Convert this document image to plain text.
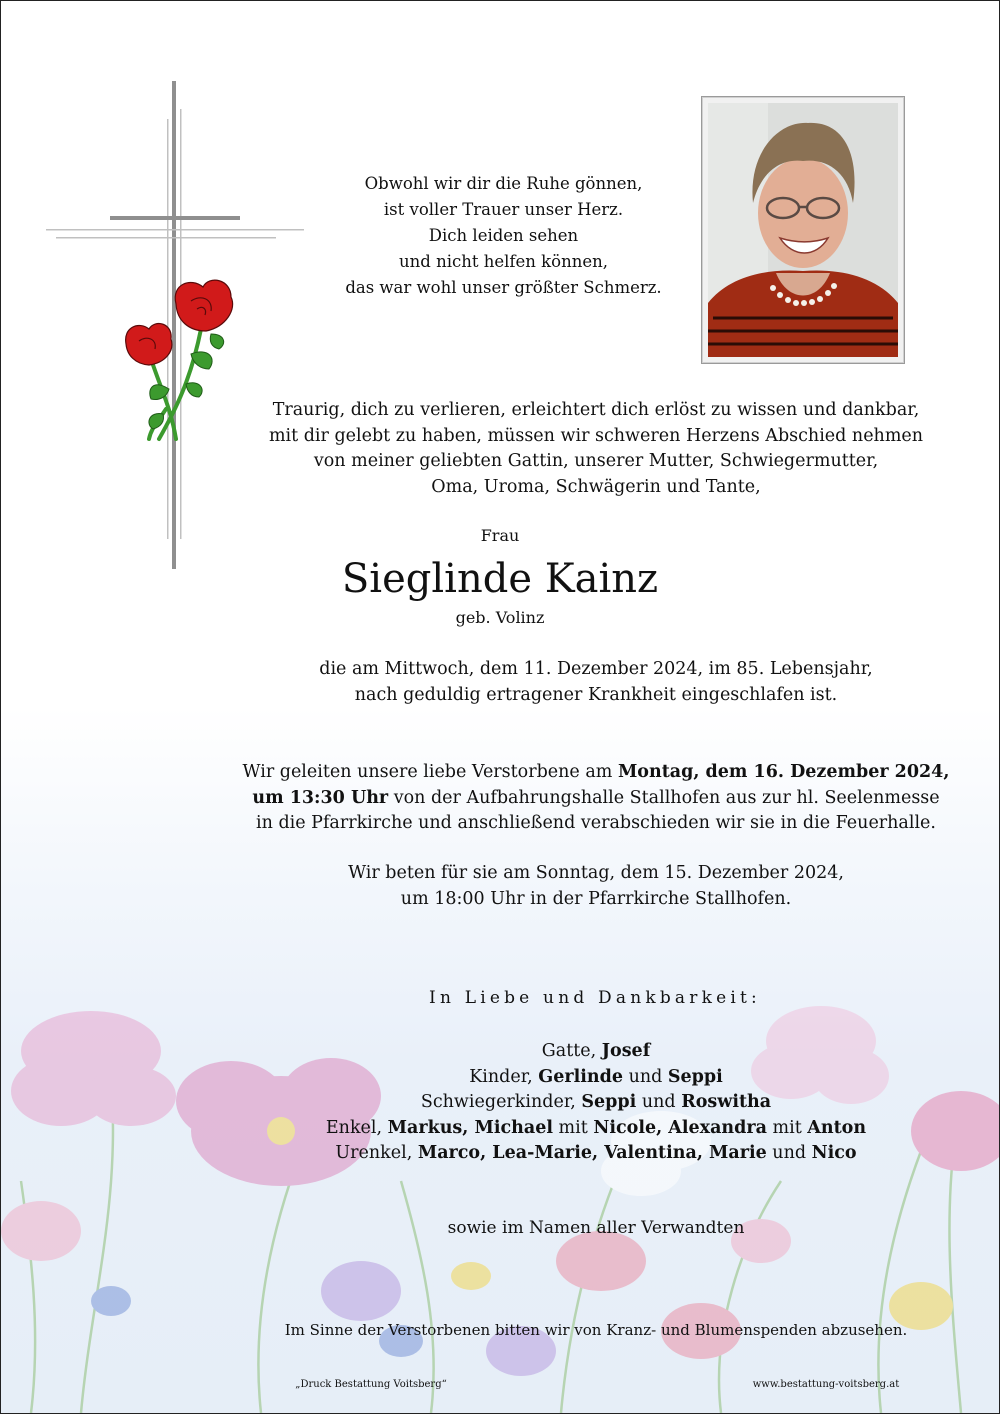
Obwohl wir dir die Ruhe gönnen,
ist voller Trauer unser Herz.
Dich leiden sehen
und nicht helfen können,
das war wohl unser größter Schmerz.
Traurig, dich zu verlieren, erleichtert dich erlöst zu wissen und dankbar,
mit dir gelebt zu haben, müssen wir schweren Herzens Abschied nehmen
von meiner geliebten Gattin, unserer Mutter, Schwiegermutter,
Oma, Uroma, Schwägerin und Tante,
Frau
Sieglinde Kainz
geb. Volinz
die am Mittwoch, dem 11. Dezember 2024, im 85. Lebensjahr,
nach geduldig ertragener Krankheit eingeschlafen ist.
Wir geleiten unsere liebe Verstorbene am Montag, dem 16. Dezember 2024,
um 13:30 Uhr von der Aufbahrungshalle Stallhofen aus zur hl. Seelenmesse
in die Pfarrkirche und anschließend verabschieden wir sie in die Feuerhalle.
Wir beten für sie am Sonntag, dem 15. Dezember 2024,
um 18:00 Uhr in der Pfarrkirche Stallhofen.
In Liebe und Dankbarkeit:
Gatte, Josef
Kinder, Gerlinde und Seppi
Schwiegerkinder, Seppi und Roswitha
Enkel, Markus, Michael mit Nicole, Alexandra mit Anton
Urenkel, Marco, Lea-Marie, Valentina, Marie und Nico
sowie im Namen aller Verwandten
Im Sinne der Verstorbenen bitten wir von Kranz- und Blumenspenden abzusehen.
„Druck Bestattung Voitsberg“	www.bestattung-voitsberg.at
